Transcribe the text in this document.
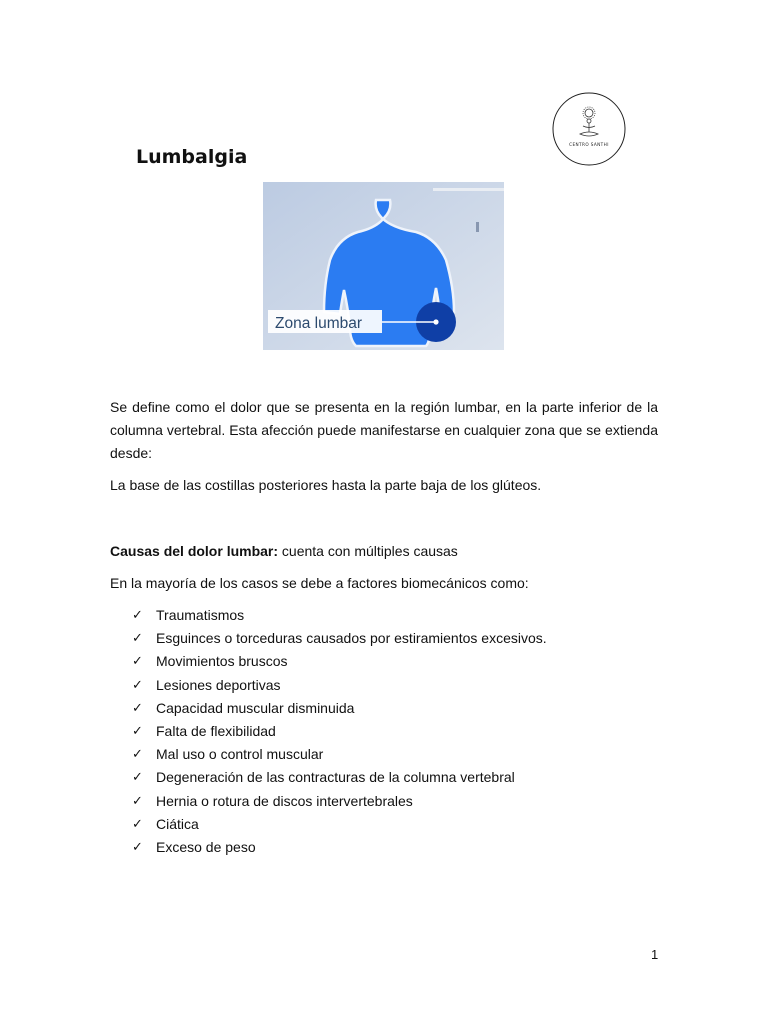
CENTRO SANTHI
Lumbalgia
Zona lumbar

Se define como el dolor que se presenta en la región lumbar, en la parte inferior de la columna vertebral. Esta afección puede manifestarse en cualquier zona que se extienda desde:

La base de las costillas posteriores hasta la parte baja de los glúteos.

Causas del dolor lumbar: cuenta con múltiples causas

En la mayoría de los casos se debe a factores biomecánicos como:

✓ Traumatismos
✓ Esguinces o torceduras causados por estiramientos excesivos.
✓ Movimientos bruscos
✓ Lesiones deportivas
✓ Capacidad muscular disminuida
✓ Falta de flexibilidad
✓ Mal uso o control muscular
✓ Degeneración de las contracturas de la columna vertebral
✓ Hernia o rotura de discos intervertebrales
✓ Ciática
✓ Exceso de peso
1
